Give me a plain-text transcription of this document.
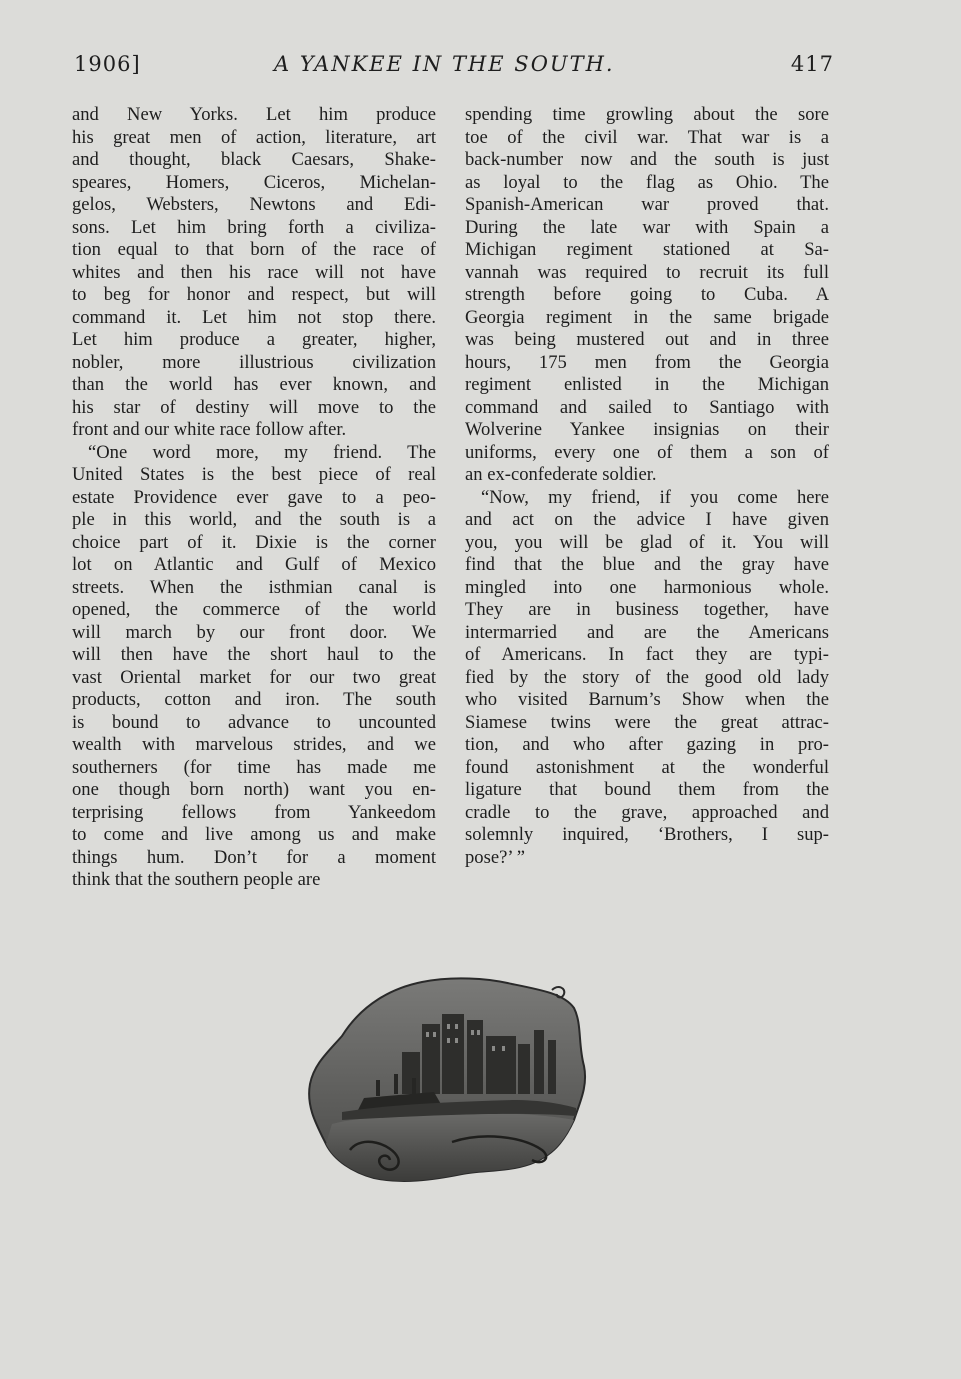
1906]	A YANKEE IN THE SOUTH.	417
and New Yorks. Let him produce
his great men of action, literature, art
and thought, black Caesars, Shake-
speares, Homers, Ciceros, Michelan-
gelos, Websters, Newtons and Edi-
sons. Let him bring forth a civiliza-
tion equal to that born of the race of
whites and then his race will not have
to beg for honor and respect, but will
command it. Let him not stop there.
Let him produce a greater, higher,
nobler, more illustrious civilization
than the world has ever known, and
his star of destiny will move to the
front and our white race follow after.
“One word more, my friend. The
United States is the best piece of real
estate Providence ever gave to a peo-
ple in this world, and the south is a
choice part of it. Dixie is the corner
lot on Atlantic and Gulf of Mexico
streets. When the isthmian canal is
opened, the commerce of the world
will march by our front door. We
will then have the short haul to the
vast Oriental market for our two great
products, cotton and iron. The south
is bound to advance to uncounted
wealth with marvelous strides, and we
southerners (for time has made me
one though born north) want you en-
terprising fellows from Yankeedom
to come and live among us and make
things hum. Don’t for a moment
think that the southern people are
spending time growling about the sore
toe of the civil war. That war is a
back-number now and the south is just
as loyal to the flag as Ohio. The
Spanish-American war proved that.
During the late war with Spain a
Michigan regiment stationed at Sa-
vannah was required to recruit its full
strength before going to Cuba. A
Georgia regiment in the same brigade
was being mustered out and in three
hours, 175 men from the Georgia
regiment enlisted in the Michigan
command and sailed to Santiago with
Wolverine Yankee insignias on their
uniforms, every one of them a son of
an ex-confederate soldier.
“Now, my friend, if you come here
and act on the advice I have given
you, you will be glad of it. You will
find that the blue and the gray have
mingled into one harmonious whole.
They are in business together, have
intermarried and are the Americans
of Americans. In fact they are typi-
fied by the story of the good old lady
who visited Barnum’s Show when the
Siamese twins were the great attrac-
tion, and who after gazing in pro-
found astonishment at the wonderful
ligature that bound them from the
cradle to the grave, approached and
solemnly inquired, ‘Brothers, I sup-
pose?’ ”
